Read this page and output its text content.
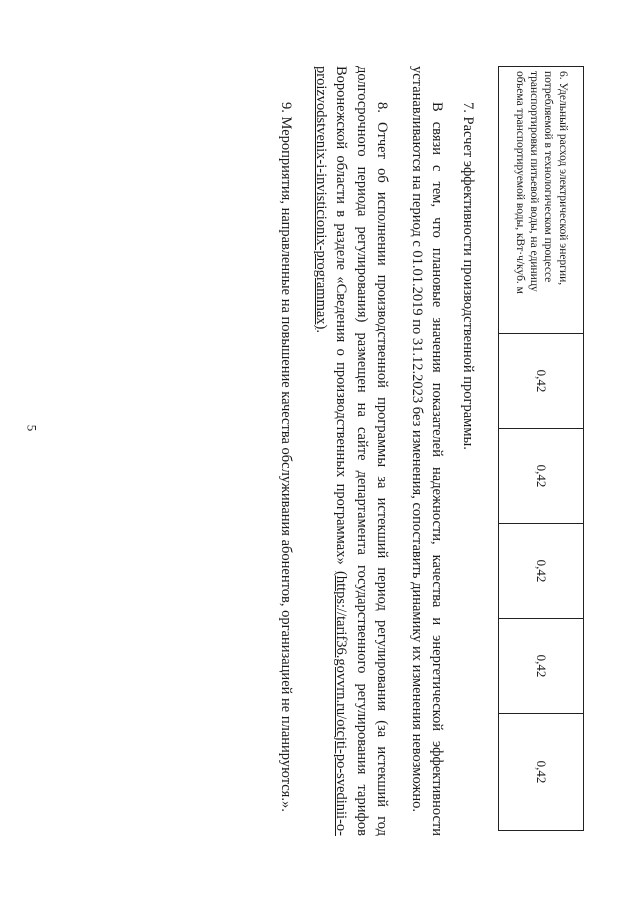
5
6. Удельный расход электрической энергии,
потребляемой в технологическом процессе
транспортировки питьевой воды, на единицу
объема транспортируемой воды, кВт·ч/куб. м
	0,42	0,42	0,42	0,42	0,42

7. Расчет эффективности производственной программы.

В связи с тем, что плановые значения показателей надежности, качества и энергетической эффективности устанавливаются на период с 01.01.2019 по 31.12.2023 без изменения, сопоставить динамику их изменения невозможно.

8. Отчет об исполнении производственной программы за истекший период регулирования (за истекший год долгосрочного периода регулирования) размещен на сайте департамента государственного регулирования тарифов Воронежской области в разделе «Сведения о производственных программах» (https://tarif36.govvrn.ru/otcjti-po-svedinii-o-proizvodstvenix-i-invisticionix-programmax).

9. Мероприятия, направленные на повышение качества обслуживания абонентов, организацией не планируются.».
